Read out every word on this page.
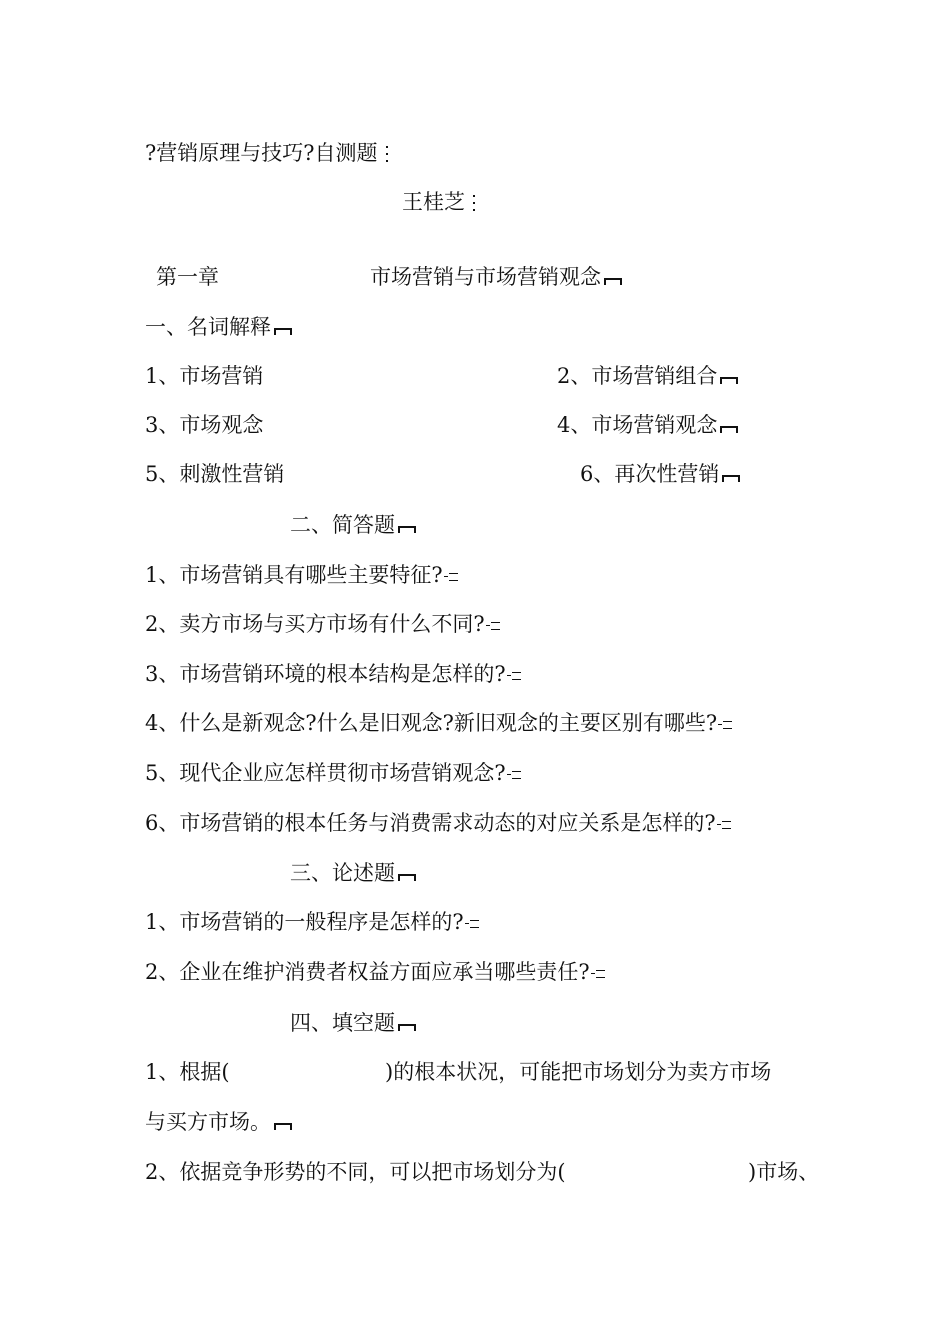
?营销原理与技巧?自测题
王桂芝
第一章	市场营销与市场营销观念
一、名词解释
1、市场营销	2、市场营销组合
3、市场观念	4、市场营销观念
5、刺激性营销	6、再次性营销
二、简答题
1、市场营销具有哪些主要特征?
2、卖方市场与买方市场有什么不同?
3、市场营销环境的根本结构是怎样的?
4、什么是新观念?什么是旧观念?新旧观念的主要区别有哪些?
5、现代企业应怎样贯彻市场营销观念?
6、市场营销的根本任务与消费需求动态的对应关系是怎样的?
三、论述题
1、市场营销的一般程序是怎样的?
2、企业在维护消费者权益方面应承当哪些责任?
四、填空题
1、根据(	)的根本状况，可能把市场划分为卖方市场
与买方市场。
2、依据竞争形势的不同，可以把市场划分为(	)市场、
